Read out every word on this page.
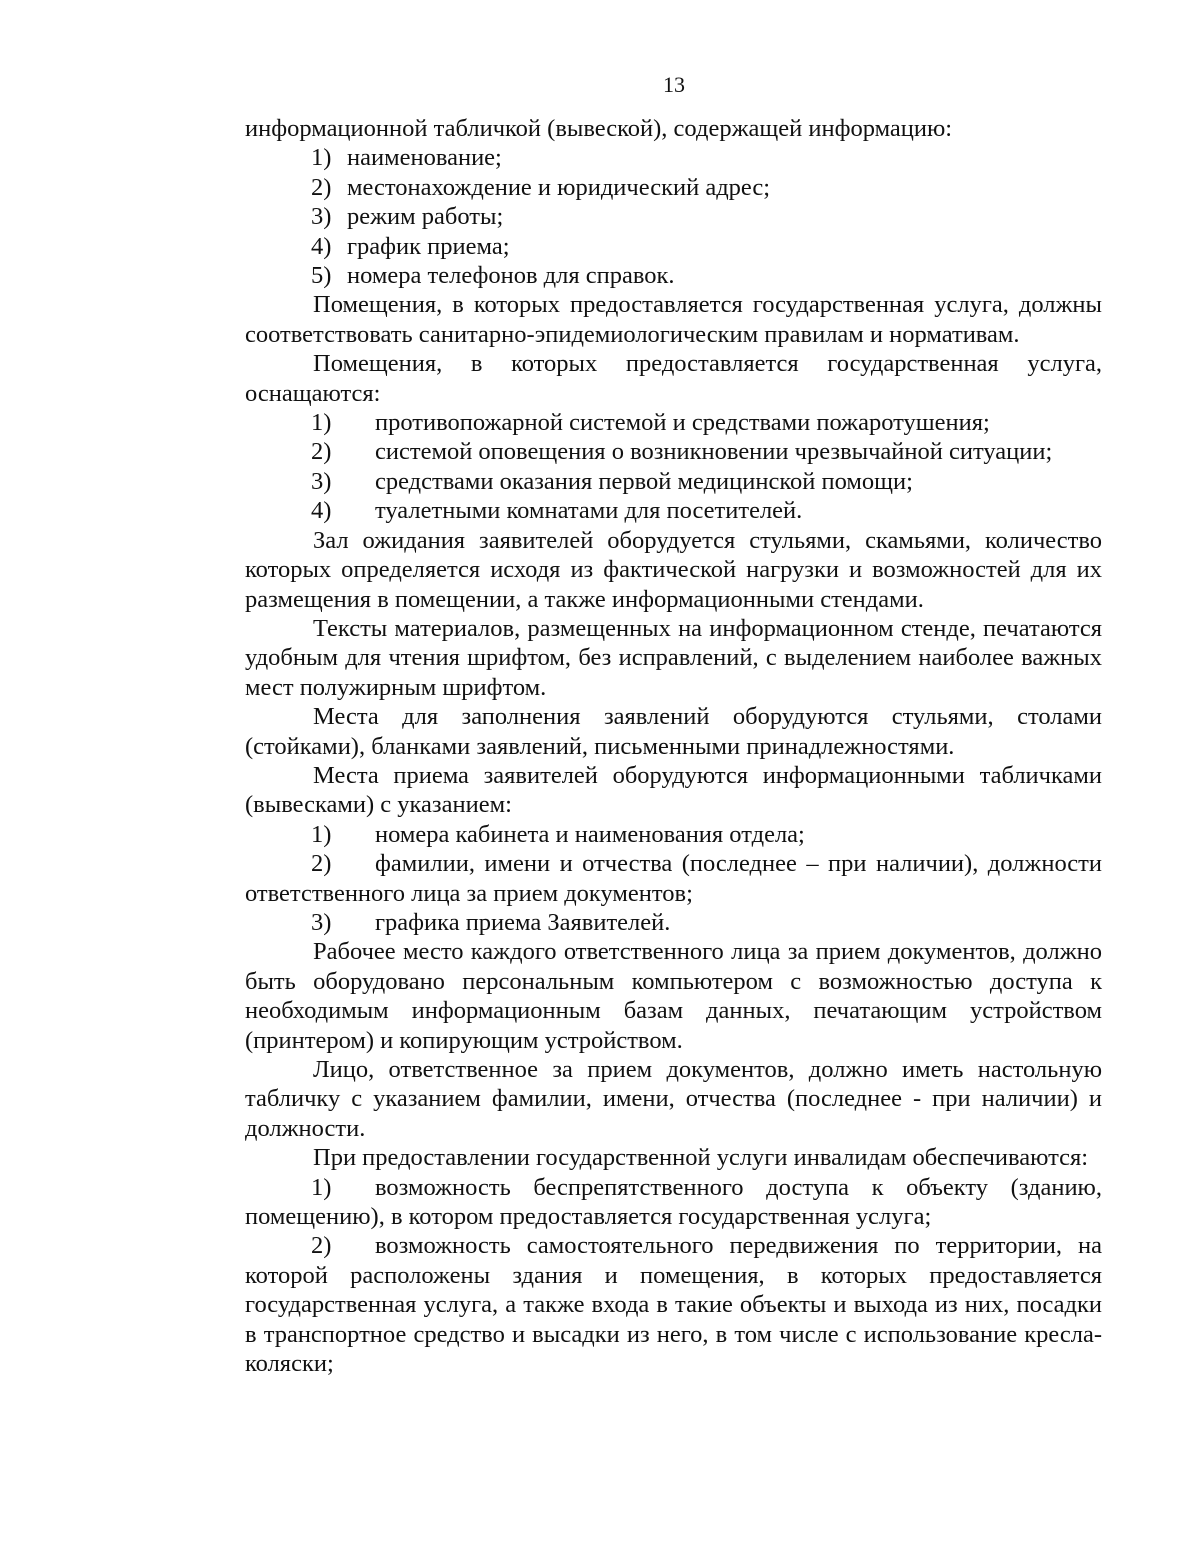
13

информационной табличкой (вывеской), содержащей информацию:

1) наименование;
2) местонахождение и юридический адрес;
3) режим работы;
4) график приема;
5) номера телефонов для справок.

Помещения, в которых предоставляется государственная услуга, должны соответствовать санитарно-эпидемиологическим правилам и нормативам.

Помещения, в которых предоставляется государственная услуга, оснащаются:

1)	противопожарной системой и средствами пожаротушения;
2)	системой оповещения о возникновении чрезвычайной ситуации;
3)	средствами оказания первой медицинской помощи;
4)	туалетными комнатами для посетителей.

Зал ожидания заявителей оборудуется стульями, скамьями, количество которых определяется исходя из фактической нагрузки и возможностей для их размещения в помещении, а также информационными стендами.

Тексты материалов, размещенных на информационном стенде, печатаются удобным для чтения шрифтом, без исправлений, с выделением наиболее важных мест полужирным шрифтом.

Места для заполнения заявлений оборудуются стульями, столами (стойками), бланками заявлений, письменными принадлежностями.

Места приема заявителей оборудуются информационными табличками (вывесками) с указанием:

1)	номера кабинета и наименования отдела;

2) фамилии, имени и отчества (последнее – при наличии), должности ответственного лица за прием документов;

3)	графика приема Заявителей.

Рабочее место каждого ответственного лица за прием документов, должно быть оборудовано персональным компьютером с возможностью доступа к необходимым информационным базам данных, печатающим устройством (принтером) и копирующим устройством.

Лицо, ответственное за прием документов, должно иметь настольную табличку с указанием фамилии, имени, отчества (последнее - при наличии) и должности.

При предоставлении государственной услуги инвалидам обеспечиваются:

1) возможность беспрепятственного доступа к объекту (зданию, помещению), в котором предоставляется государственная услуга;

2) возможность самостоятельного передвижения по территории, на которой расположены здания и помещения, в которых предоставляется государственная услуга, а также входа в такие объекты и выхода из них, посадки в транспортное средство и высадки из него, в том числе с использование кресла-коляски;
